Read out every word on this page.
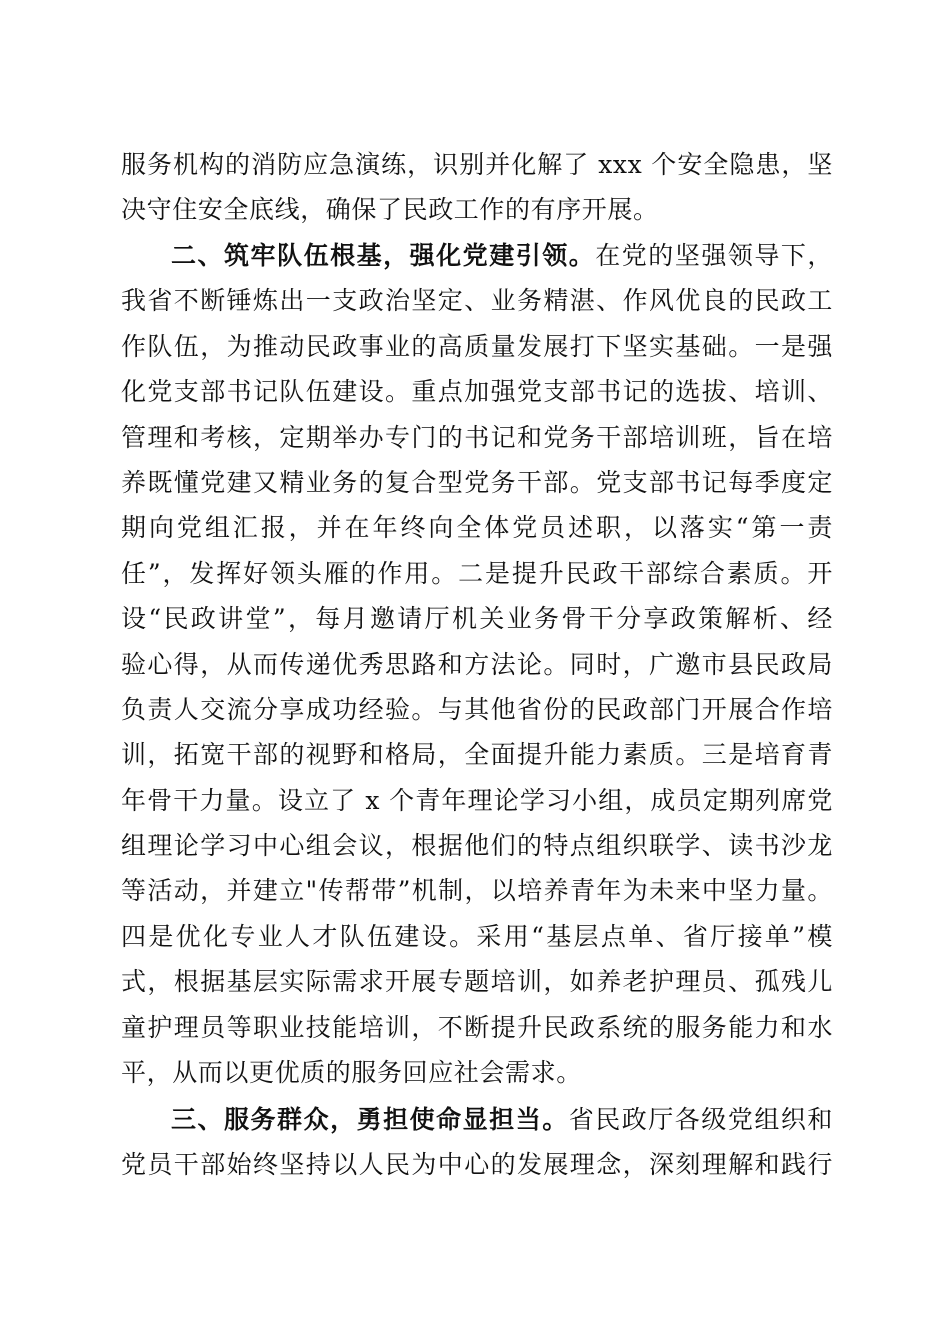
服务机构的消防应急演练，识别并化解了 xxx 个安全隐患，坚
决守住安全底线，确保了民政工作的有序开展。
二、筑牢队伍根基，强化党建引领。在党的坚强领导下，
我省不断锤炼出一支政治坚定、业务精湛、作风优良的民政工
作队伍，为推动民政事业的高质量发展打下坚实基础。一是强
化党支部书记队伍建设。重点加强党支部书记的选拔、培训、
管理和考核，定期举办专门的书记和党务干部培训班，旨在培
养既懂党建又精业务的复合型党务干部。党支部书记每季度定
期向党组汇报，并在年终向全体党员述职，以落实“第一责
任”，发挥好领头雁的作用。二是提升民政干部综合素质。开
设“民政讲堂”，每月邀请厅机关业务骨干分享政策解析、经
验心得，从而传递优秀思路和方法论。同时，广邀市县民政局
负责人交流分享成功经验。与其他省份的民政部门开展合作培
训，拓宽干部的视野和格局，全面提升能力素质。三是培育青
年骨干力量。设立了 x 个青年理论学习小组，成员定期列席党
组理论学习中心组会议，根据他们的特点组织联学、读书沙龙
等活动，并建立"传帮带”机制，以培养青年为未来中坚力量。
四是优化专业人才队伍建设。采用“基层点单、省厅接单”模
式，根据基层实际需求开展专题培训，如养老护理员、孤残儿
童护理员等职业技能培训，不断提升民政系统的服务能力和水
平，从而以更优质的服务回应社会需求。
三、服务群众，勇担使命显担当。省民政厅各级党组织和
党员干部始终坚持以人民为中心的发展理念，深刻理解和践行
